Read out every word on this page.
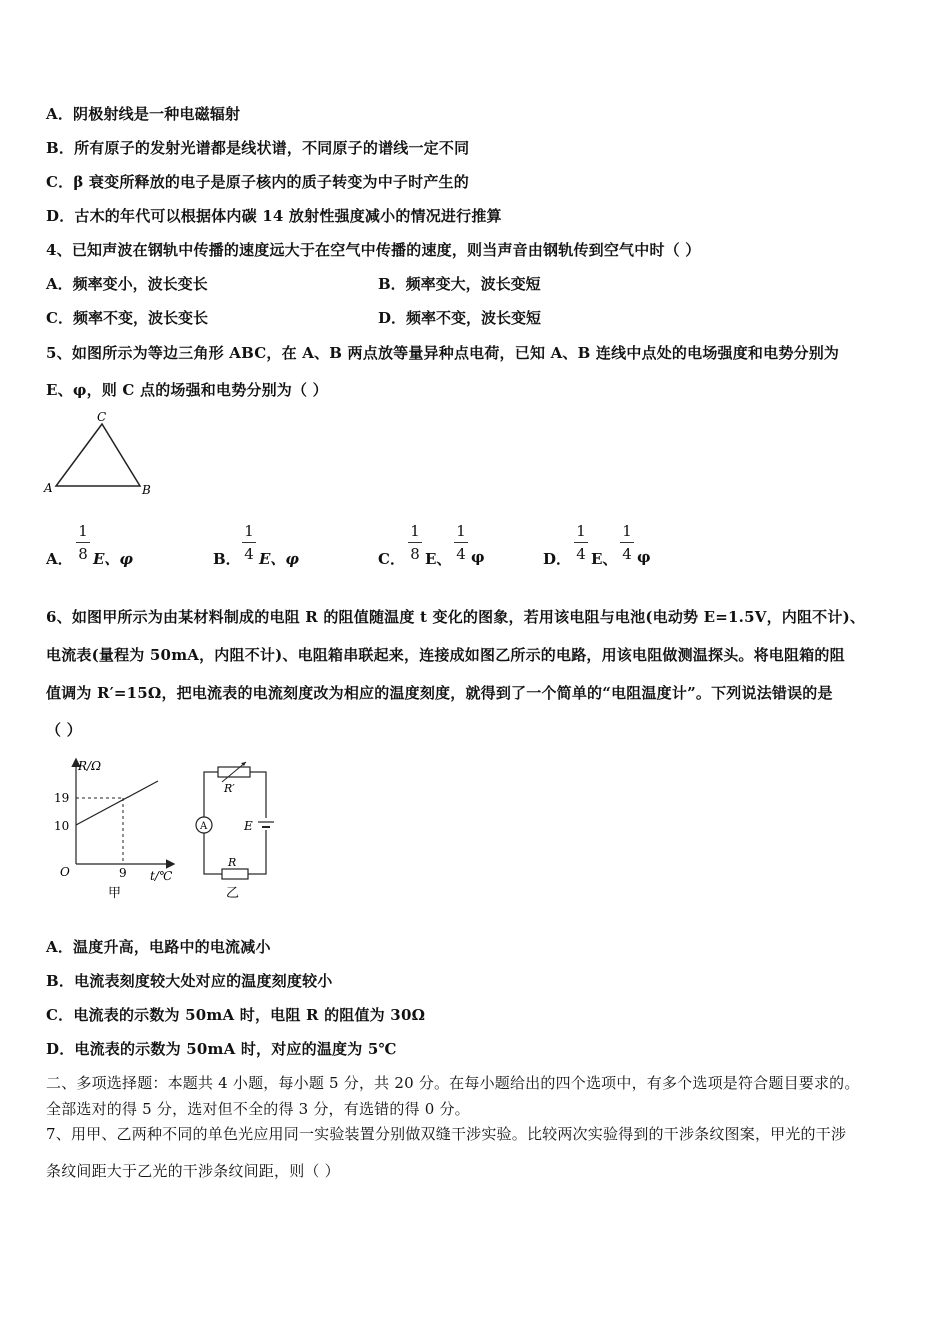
A．阴极射线是一种电磁辐射
B．所有原子的发射光谱都是线状谱，不同原子的谱线一定不同
C．β 衰变所释放的电子是原子核内的质子转变为中子时产生的
D．古木的年代可以根据体内碳 14 放射性强度减小的情况进行推算
4、已知声波在钢轨中传播的速度远大于在空气中传播的速度，则当声音由钢轨传到空气中时（ ）
A．频率变小，波长变长	B．频率变大，波长变短
C．频率不变，波长变长	D．频率不变，波长变短
5、如图所示为等边三角形 ABC，在 A、B 两点放等量异种点电荷，已知 A、B 连线中点处的电场强度和电势分别为
E、φ，则 C 点的场强和电势分别为（ ）
C
A	B
A．
1
8 E、φ	B．
1
4 E、φ	C．
1
8 E、
1
4 φ	D．
1
4 E、
1
4 φ
6、如图甲所示为由某材料制成的电阻 R 的阻值随温度 t 变化的图象，若用该电阻与电池(电动势 E=1.5V，内阻不计)、
电流表(量程为 50mA，内阻不计)、电阻箱串联起来，连接成如图乙所示的电路，用该电阻做测温探头。将电阻箱的阻
值调为 R′=15Ω，把电流表的电流刻度改为相应的温度刻度，就得到了一个简单的“电阻温度计”。下列说法错误的是
（ ）
R/Ω
19
10
O	9 t/℃
甲
R′
A	E
R
乙
A．温度升高，电路中的电流减小
B．电流表刻度较大处对应的温度刻度较小
C．电流表的示数为 50mA 时，电阻 R 的阻值为 30Ω
D．电流表的示数为 50mA 时，对应的温度为 5℃
二、多项选择题：本题共 4 小题，每小题 5 分，共 20 分。在每小题给出的四个选项中，有多个选项是符合题目要求的。
全部选对的得 5 分，选对但不全的得 3 分，有选错的得 0 分。
7、用甲、乙两种不同的单色光应用同一实验装置分别做双缝干涉实验。比较两次实验得到的干涉条纹图案，甲光的干涉
条纹间距大于乙光的干涉条纹间距，则（ ）
